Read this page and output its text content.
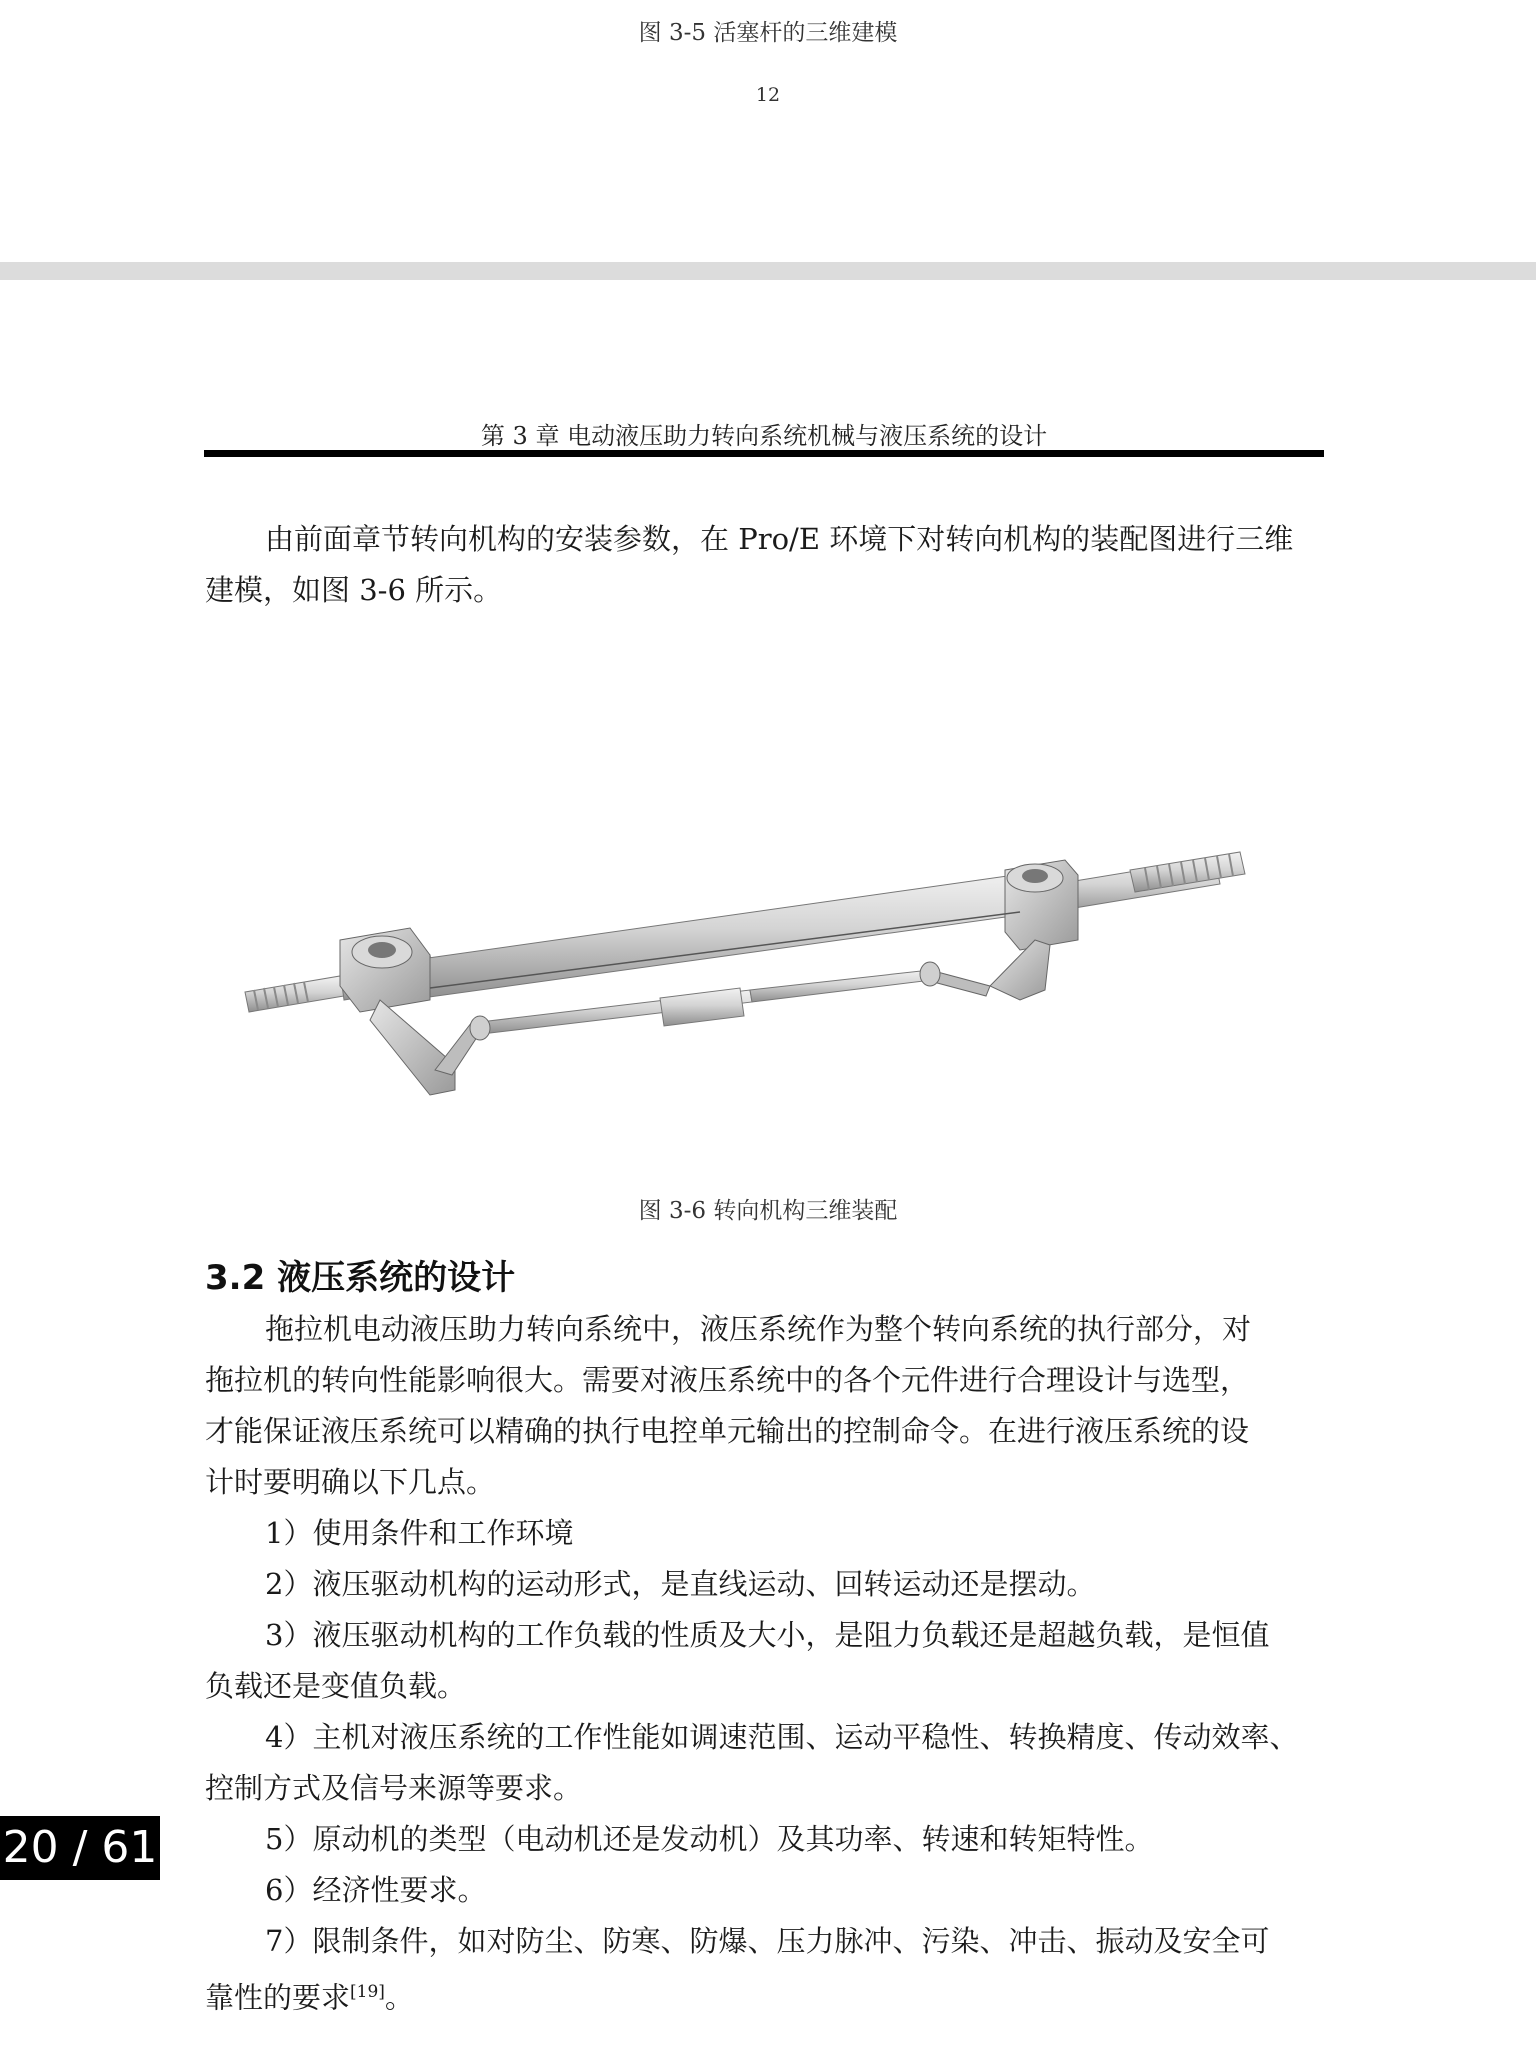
图 3-5 活塞杆的三维建模
12
第 3 章 电动液压助力转向系统机械与液压系统的设计
由前面章节转向机构的安装参数，在 Pro/E 环境下对转向机构的装配图进行三维
建模，如图 3-6 所示。
图 3-6 转向机构三维装配
3.2 液压系统的设计
拖拉机电动液压助力转向系统中，液压系统作为整个转向系统的执行部分，对
拖拉机的转向性能影响很大。需要对液压系统中的各个元件进行合理设计与选型，
才能保证液压系统可以精确的执行电控单元输出的控制命令。在进行液压系统的设
计时要明确以下几点。
1）使用条件和工作环境
2）液压驱动机构的运动形式，是直线运动、回转运动还是摆动。
3）液压驱动机构的工作负载的性质及大小，是阻力负载还是超越负载，是恒值
负载还是变值负载。
4）主机对液压系统的工作性能如调速范围、运动平稳性、转换精度、传动效率、
控制方式及信号来源等要求。
5）原动机的类型（电动机还是发动机）及其功率、转速和转矩特性。
6）经济性要求。
7）限制条件，如对防尘、防寒、防爆、压力脉冲、污染、冲击、振动及安全可
靠性的要求[19]。
20 / 61
